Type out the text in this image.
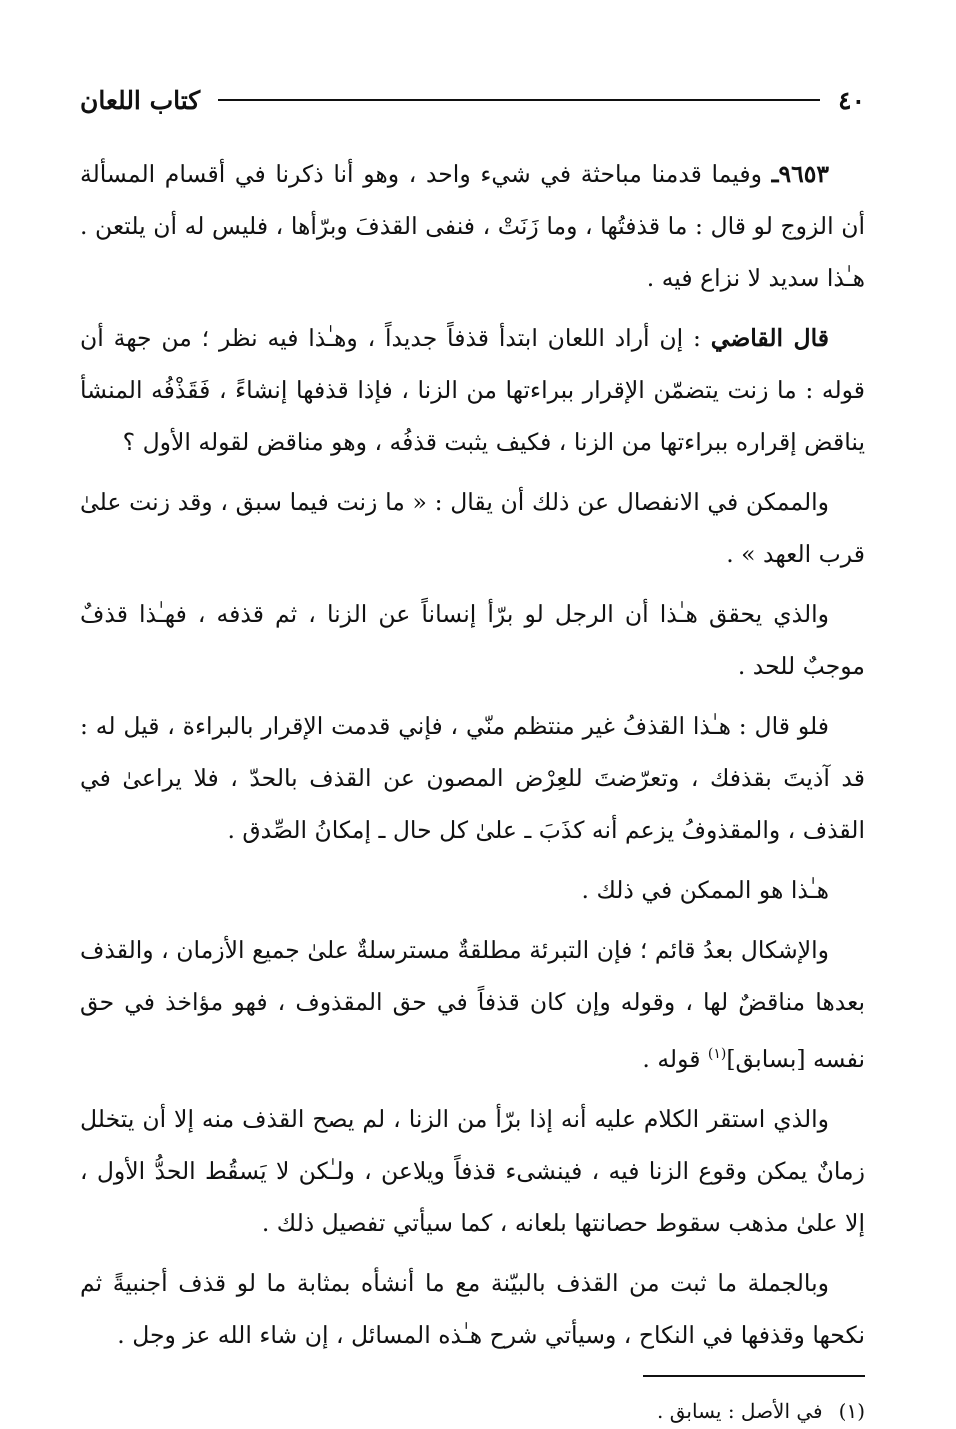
٤٠
كتاب اللعان

٩٦٥٣ـ وفيما قدمنا مباحثة في شيء واحد ، وهو أنا ذكرنا في أقسام المسألة أن الزوج لو قال : ما قذفتُها ، وما زَنَتْ ، فنفى القذفَ وبرّأها ، فليس له أن يلتعن . هـٰذا سديد لا نزاع فيه .

قال القاضي : إن أراد اللعان ابتدأ قذفاً جديداً ، وهـٰذا فيه نظر ؛ من جهة أن قوله : ما زنت يتضمّن الإقرار ببراءتها من الزنا ، فإذا قذفها إنشاءً ، فَقَذْفُه المنشأ يناقض إقراره ببراءتها من الزنا ، فكيف يثبت قذفُه ، وهو مناقض لقوله الأول ؟

والممكن في الانفصال عن ذلك أن يقال : « ما زنت فيما سبق ، وقد زنت علىٰ قرب العهد » .

والذي يحقق هـٰذا أن الرجل لو برّأ إنساناً عن الزنا ، ثم قذفه ، فهـٰذا قذفٌ موجبٌ للحد .

فلو قال : هـٰذا القذفُ غير منتظم منّي ، فإني قدمت الإقرار بالبراءة ، قيل له : قد آذيتَ بقذفك ، وتعرّضتَ للعِرْض المصون عن القذف بالحدّ ، فلا يراعىٰ في القذف ، والمقذوفُ يزعم أنه كذَبَ ـ علىٰ كل حال ـ إمكانُ الصِّدق .

هـٰذا هو الممكن في ذلك .

والإشكال بعدُ قائم ؛ فإن التبرئة مطلقةٌ مسترسلةٌ علىٰ جميع الأزمان ، والقذف بعدها مناقضٌ لها ، وقوله وإن كان قذفاً في حق المقذوف ، فهو مؤاخذ في حق نفسه [بسابق]$^{(١)}$ قوله .

والذي استقر الكلام عليه أنه إذا برّأ من الزنا ، لم يصح القذف منه إلا أن يتخلل زمانٌ يمكن وقوع الزنا فيه ، فينشىء قذفاً ويلاعن ، ولـٰكن لا يَسقُط الحدُّ الأول ، إلا علىٰ مذهب سقوط حصانتها بلعانه ، كما سيأتي تفصيل ذلك .

وبالجملة ما ثبت من القذف بالبيّنة مع ما أنشأه بمثابة ما لو قذف أجنبيةً ثم نكحها وقذفها في النكاح ، وسيأتي شرح هـٰذه المسائل ، إن شاء الله عز وجل .

(١)في الأصل : يسابق .
